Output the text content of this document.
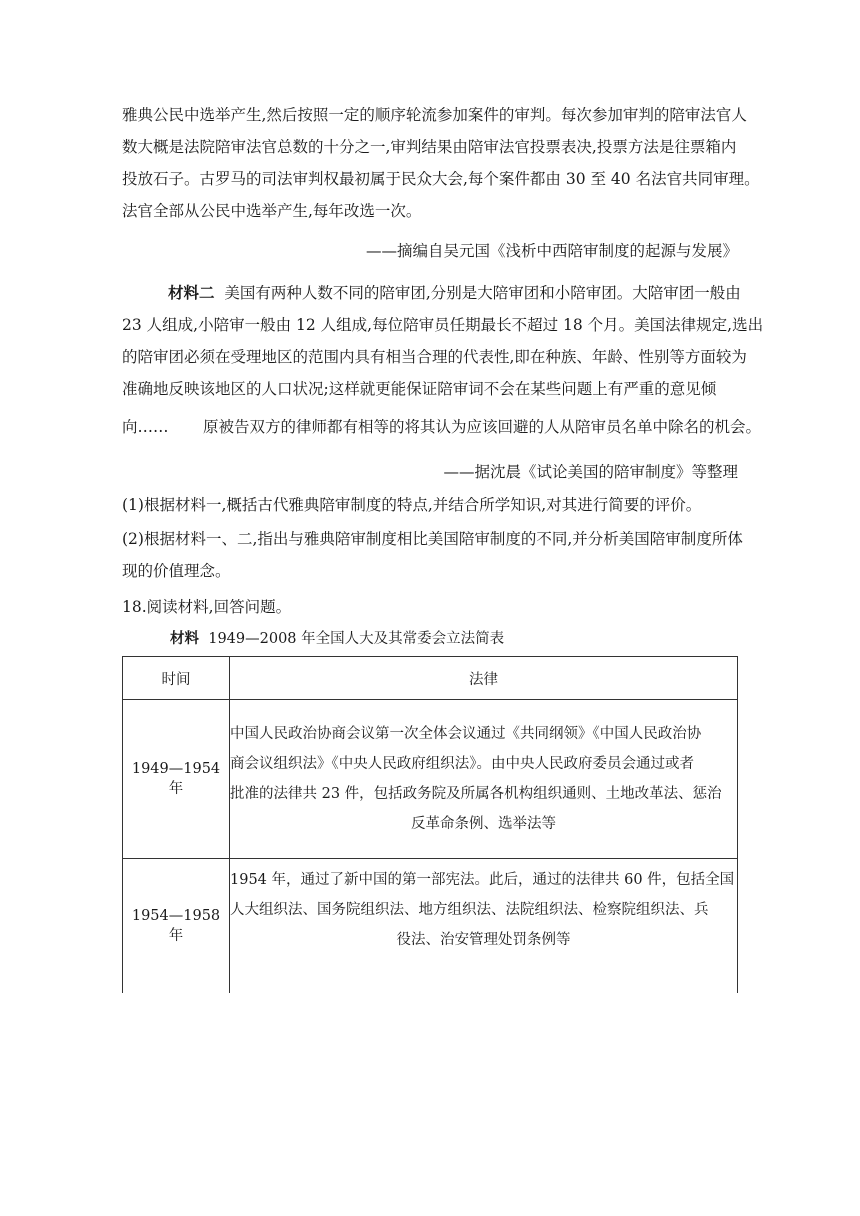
雅典公民中选举产生,然后按照一定的顺序轮流参加案件的审判。每次参加审判的陪审法官人
数大概是法院陪审法官总数的十分之一,审判结果由陪审法官投票表决,投票方法是往票箱内
投放石子。古罗马的司法审判权最初属于民众大会,每个案件都由 30 至 40 名法官共同审理。
法官全部从公民中选举产生,每年改选一次。
——摘编自吴元国《浅析中西陪审制度的起源与发展》
材料二 美国有两种人数不同的陪审团,分别是大陪审团和小陪审团。大陪审团一般由
23 人组成,小陪审一般由 12 人组成,每位陪审员任期最长不超过 18 个月。美国法律规定,选出
的陪审团必须在受理地区的范围内具有相当合理的代表性,即在种族、年龄、性别等方面较为
准确地反映该地区的人口状况;这样就更能保证陪审词不会在某些问题上有严重的意见倾
向……       原被告双方的律师都有相等的将其认为应该回避的人从陪审员名单中除名的机会。
——据沈晨《试论美国的陪审制度》等整理
(1)根据材料一,概括古代雅典陪审制度的特点,并结合所学知识,对其进行简要的评价。
(2)根据材料一、二,指出与雅典陪审制度相比美国陪审制度的不同,并分析美国陪审制度所体
现的价值理念。
18.阅读材料,回答问题。
材料 1949—2008 年全国人大及其常委会立法简表
时间	法律
1949—1954 年	中国人民政治协商会议第一次全体会议通过《共同纲领》《中国人民政治协
商会议组织法》《中央人民政府组织法》。由中央人民政府委员会通过或者
批准的法律共 23 件，包括政务院及所属各机构组织通则、土地改革法、惩治
反革命条例、选举法等

1954—1958 年	1954 年，通过了新中国的第一部宪法。此后，通过的法律共 60 件，包括全国
人大组织法、国务院组织法、地方组织法、法院组织法、检察院组织法、兵
役法、治安管理处罚条例等
